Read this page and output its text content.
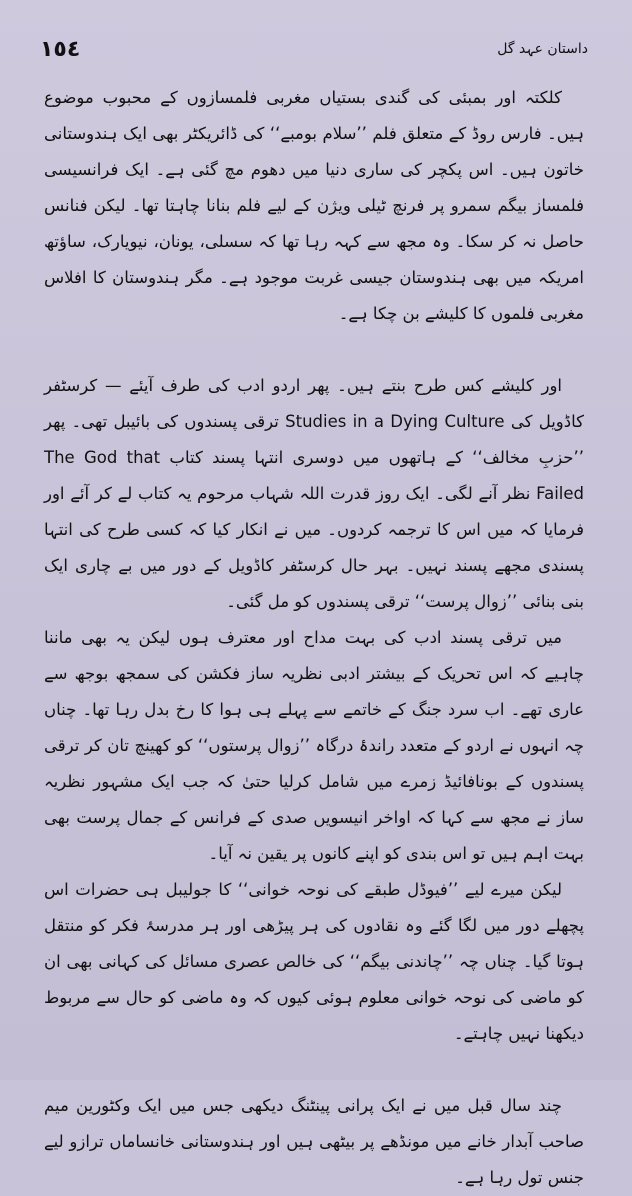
١٥٤	داستان عہد گل

کلکتہ اور بمبئی کی گندی بستیاں مغربی فلمسازوں کے محبوب موضوع ہیں۔ فارس روڈ کے متعلق فلم ’’سلام بومبے‘‘ کی ڈائریکٹر بھی ایک ہندوستانی خاتون ہیں۔ اس پکچر کی ساری دنیا میں دھوم مچ گئی ہے۔ ایک فرانسیسی فلمساز بیگم سمرو پر فرنچ ٹیلی ویژن کے لیے فلم بنانا چاہتا تھا۔ لیکن فنانس حاصل نہ کر سکا۔ وہ مجھ سے کہہ رہا تھا کہ سسلی، یونان، نیویارک، ساؤتھ امریکہ میں بھی ہندوستان جیسی غربت موجود ہے۔ مگر ہندوستان کا افلاس مغربی فلموں کا کلیشے بن چکا ہے۔

اور کلیشے کس طرح بنتے ہیں۔ پھر اردو ادب کی طرف آیئے — کرسٹفر کاڈویل کی Studies in a Dying Culture ترقی پسندوں کی بائیبل تھی۔ پھر ’’حزبِ مخالف‘‘ کے ہاتھوں میں دوسری انتہا پسند کتاب The God that Failed نظر آنے لگی۔ ایک روز قدرت اللہ شہاب مرحوم یہ کتاب لے کر آئے اور فرمایا کہ میں اس کا ترجمہ کردوں۔ میں نے انکار کیا کہ کسی طرح کی انتہا پسندی مجھے پسند نہیں۔ بہر حال کرسٹفر کاڈویل کے دور میں بے چاری ایک بنی بنائی ’’زوال پرست‘‘ ترقی پسندوں کو مل گئی۔

میں ترقی پسند ادب کی بہت مداح اور معترف ہوں لیکن یہ بھی ماننا چاہیے کہ اس تحریک کے بیشتر ادبی نظریہ ساز فکشن کی سمجھ بوجھ سے عاری تھے۔ اب سرد جنگ کے خاتمے سے پہلے ہی ہوا کا رخ بدل رہا تھا۔ چناں چہ انہوں نے اردو کے متعدد راندۂ درگاہ ’’زوال پرستوں‘‘ کو کھینچ تان کر ترقی پسندوں کے بونافائیڈ زمرے میں شامل کرلیا حتیٰ کہ جب ایک مشہور نظریہ ساز نے مجھ سے کہا کہ اواخر انیسویں صدی کے فرانس کے جمال پرست بھی بہت اہم ہیں تو اس بندی کو اپنے کانوں پر یقین نہ آیا۔

لیکن میرے لیے ’’فیوڈل طبقے کی نوحہ خوانی‘‘ کا جولیبل ہی حضرات اس پچھلے دور میں لگا گئے وہ نقادوں کی ہر پیڑھی اور ہر مدرسۂ فکر کو منتقل ہوتا گیا۔ چناں چہ ’’چاندنی بیگم‘‘ کی خالص عصری مسائل کی کہانی بھی ان کو ماضی کی نوحہ خوانی معلوم ہوئی کیوں کہ وہ ماضی کو حال سے مربوط دیکھنا نہیں چاہتے۔

چند سال قبل میں نے ایک پرانی پینٹنگ دیکھی جس میں ایک وکٹورین میم صاحب آبدار خانے میں مونڈھے پر بیٹھی ہیں اور ہندوستانی خانساماں ترازو لیے جنس تول رہا ہے۔
